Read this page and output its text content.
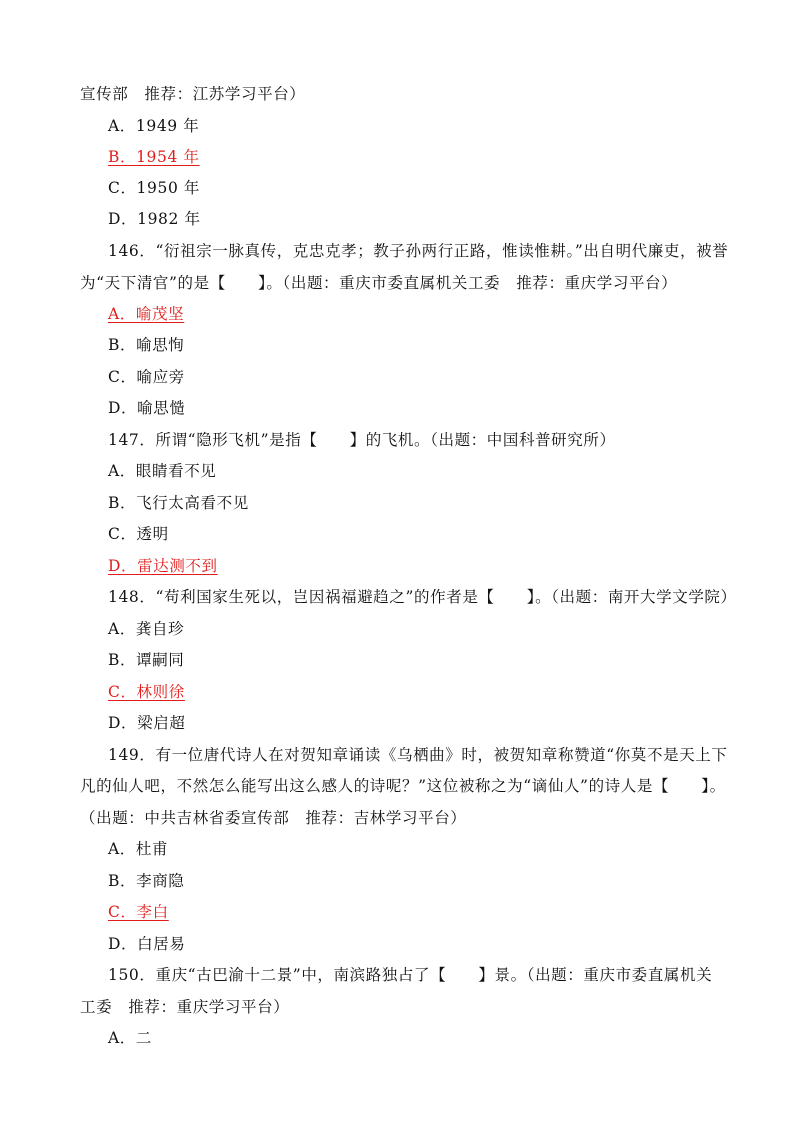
宣传部　推荐：江苏学习平台）
A．1949 年
B．1954 年
C．1950 年
D．1982 年
146．“衍祖宗一脉真传，克忠克孝；教子孙两行正路，惟读惟耕。”出自明代廉吏，被誉
为“天下清官”的是【　　】。（出题：重庆市委直属机关工委　推荐：重庆学习平台）
A．喻茂坚
B．喻思恂
C．喻应旁
D．喻思慥
147．所谓“隐形飞机”是指【　　】的飞机。（出题：中国科普研究所）
A．眼睛看不见
B．飞行太高看不见
C．透明
D．雷达测不到
148．“苟利国家生死以，岂因祸福避趋之”的作者是【　　】。（出题：南开大学文学院）
A．龚自珍
B．谭嗣同
C．林则徐
D．梁启超
149．有一位唐代诗人在对贺知章诵读《乌栖曲》时，被贺知章称赞道“你莫不是天上下
凡的仙人吧，不然怎么能写出这么感人的诗呢？”这位被称之为“谪仙人”的诗人是【　　】。
（出题：中共吉林省委宣传部　推荐：吉林学习平台）
A．杜甫
B．李商隐
C．李白
D．白居易
150．重庆“古巴渝十二景”中，南滨路独占了【　　】景。（出题：重庆市委直属机关
工委　推荐：重庆学习平台）
A．二
